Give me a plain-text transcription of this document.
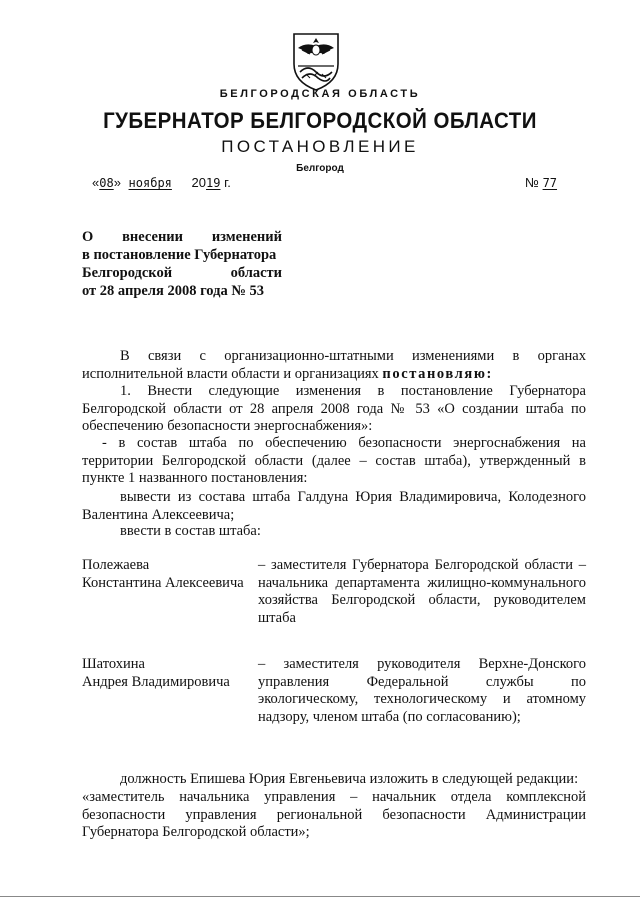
БЕЛГОРОДСКАЯ ОБЛАСТЬ
ГУБЕРНАТОР БЕЛГОРОДСКОЙ ОБЛАСТИ
ПОСТАНОВЛЕНИЕ
Белгород
«08» ноября 2019 г.	№ 77
О внесении изменений
в постановление Губернатора
Белгородской	области
от 28 апреля 2008 года № 53
В связи с организационно-штатными изменениями в органах исполнительной власти области и организациях постановляю:
1. Внести следующие изменения в постановление Губернатора Белгородской области от 28 апреля 2008 года № 53 «О создании штаба по обеспечению безопасности энергоснабжения»:
- в состав штаба по обеспечению безопасности энергоснабжения на территории Белгородской области (далее – состав штаба), утвержденный в пункте 1 названного постановления:
вывести из состава штаба Галдуна Юрия Владимировича, Колодезного Валентина Алексеевича;
ввести в состав штаба:
Полежаева
Константина Алексеевича
– заместителя Губернатора Белгородской области – начальника департамента жилищно-коммунального хозяйства Белгородской области, руководителем штаба
Шатохина
Андрея Владимировича
– заместителя руководителя Верхне-Донского управления Федеральной службы по экологическому, технологическому и атомному надзору, членом штаба (по согласованию);
должность Епишева Юрия Евгеньевича изложить в следующей редакции:
«заместитель начальника управления – начальник отдела комплексной безопасности управления региональной безопасности Администрации Губернатора Белгородской области»;
